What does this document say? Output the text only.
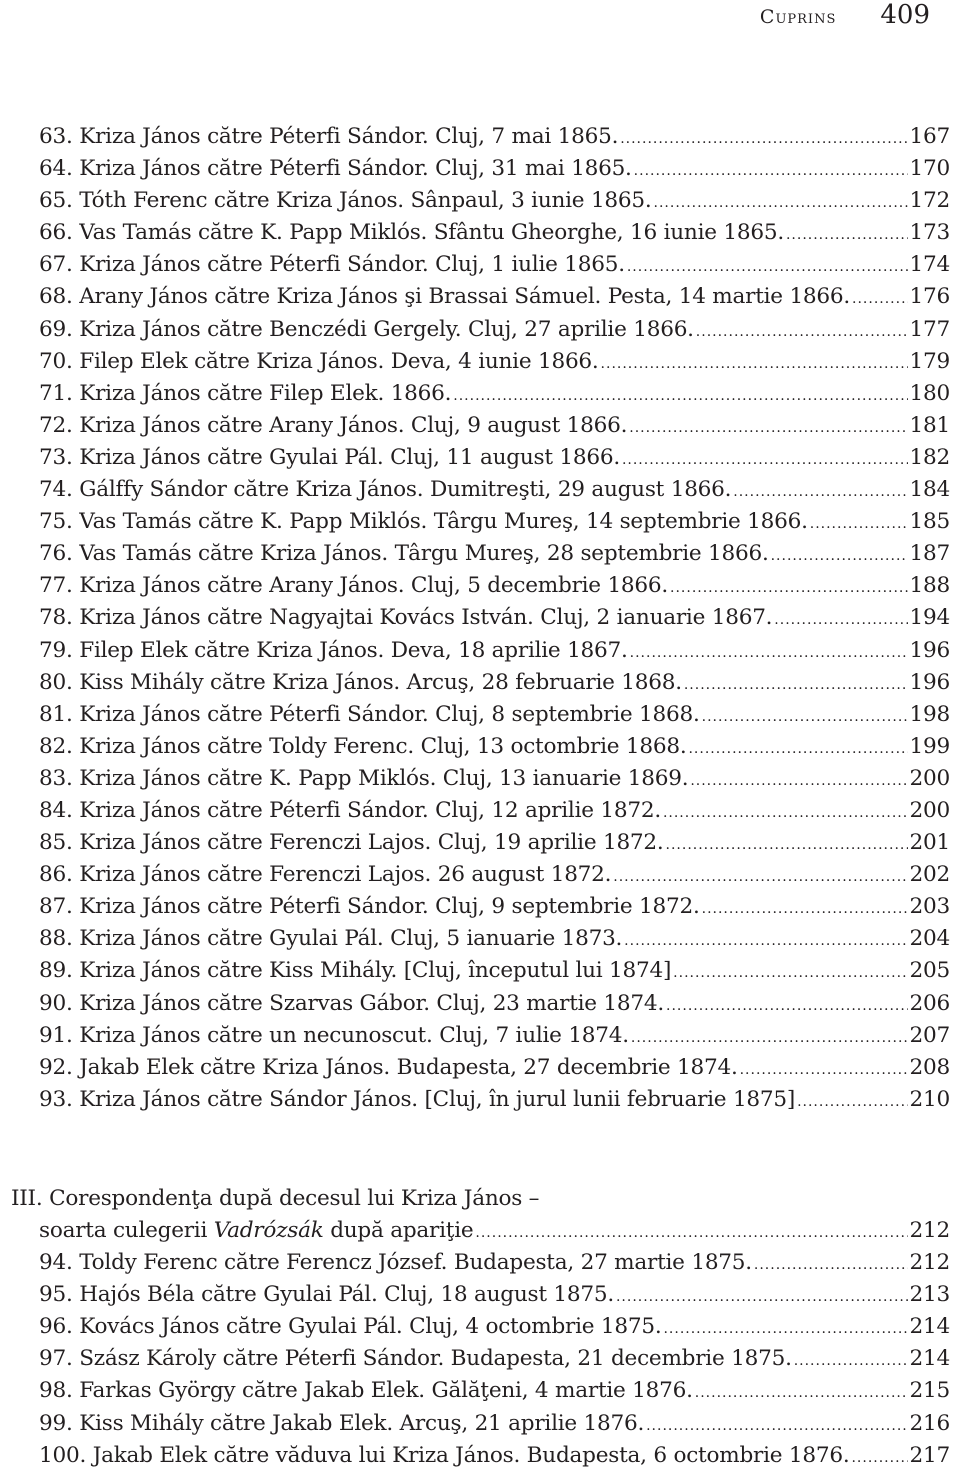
Cuprins 409
63. Kriza János către Péterfi Sándor. Cluj, 7 mai 1865. .....	167
64. Kriza János către Péterfi Sándor. Cluj, 31 mai 1865. .....	170
65. Tóth Ferenc către Kriza János. Sânpaul, 3 iunie 1865. .....	172
66. Vas Tamás către K. Papp Miklós. Sfântu Gheorghe, 16 iunie 1865. .....	173
67. Kriza János către Péterfi Sándor. Cluj, 1 iulie 1865. .....	174
68. Arany János către Kriza János şi Brassai Sámuel. Pesta, 14 martie 1866. .....	176
69. Kriza János către Benczédi Gergely. Cluj, 27 aprilie 1866. .....	177
70. Filep Elek către Kriza János. Deva, 4 iunie 1866. .....	179
71. Kriza János către Filep Elek. 1866. .....	180
72. Kriza János către Arany János. Cluj, 9 august 1866. .....	181
73. Kriza János către Gyulai Pál. Cluj, 11 august 1866. .....	182
74. Gálffy Sándor către Kriza János. Dumitreşti, 29 august 1866. .....	184
75. Vas Tamás către K. Papp Miklós. Târgu Mureş, 14 septembrie 1866. .....	185
76. Vas Tamás către Kriza János. Târgu Mureş, 28 septembrie 1866. .....	187
77. Kriza János către Arany János. Cluj, 5 decembrie 1866. .....	188
78. Kriza János către Nagyajtai Kovács István. Cluj, 2 ianuarie 1867. .....	194
79. Filep Elek către Kriza János. Deva, 18 aprilie 1867. .....	196
80. Kiss Mihály către Kriza János. Arcuş, 28 februarie 1868. .....	196
81. Kriza János către Péterfi Sándor. Cluj, 8 septembrie 1868. .....	198
82. Kriza János către Toldy Ferenc. Cluj, 13 octombrie 1868. .....	199
83. Kriza János către K. Papp Miklós. Cluj, 13 ianuarie 1869. .....	200
84. Kriza János către Péterfi Sándor. Cluj, 12 aprilie 1872. .....	200
85. Kriza János către Ferenczi Lajos. Cluj, 19 aprilie 1872. .....	201
86. Kriza János către Ferenczi Lajos. 26 august 1872. .....	202
87. Kriza János către Péterfi Sándor. Cluj, 9 septembrie 1872. .....	203
88. Kriza János către Gyulai Pál. Cluj, 5 ianuarie 1873. .....	204
89. Kriza János către Kiss Mihály. [Cluj, începutul lui 1874] .....	205
90. Kriza János către Szarvas Gábor. Cluj, 23 martie 1874. .....	206
91. Kriza János către un necunoscut. Cluj, 7 iulie 1874. .....	207
92. Jakab Elek către Kriza János. Budapesta, 27 decembrie 1874. .....	208
93. Kriza János către Sándor János. [Cluj, în jurul lunii februarie 1875] .....	210
III. Corespondenţa după decesul lui Kriza János –
soarta culegerii Vadrózsák după apariţie .....	212
94. Toldy Ferenc către Ferencz József. Budapesta, 27 martie 1875. .....	212
95. Hajós Béla către Gyulai Pál. Cluj, 18 august 1875. .....	213
96. Kovács János către Gyulai Pál. Cluj, 4 octombrie 1875. .....	214
97. Szász Károly către Péterfi Sándor. Budapesta, 21 decembrie 1875. .....	214
98. Farkas György către Jakab Elek. Gălăţeni, 4 martie 1876. .....	215
99. Kiss Mihály către Jakab Elek. Arcuş, 21 aprilie 1876. .....	216
100. Jakab Elek către văduva lui Kriza János. Budapesta, 6 octombrie 1876. .....	217
